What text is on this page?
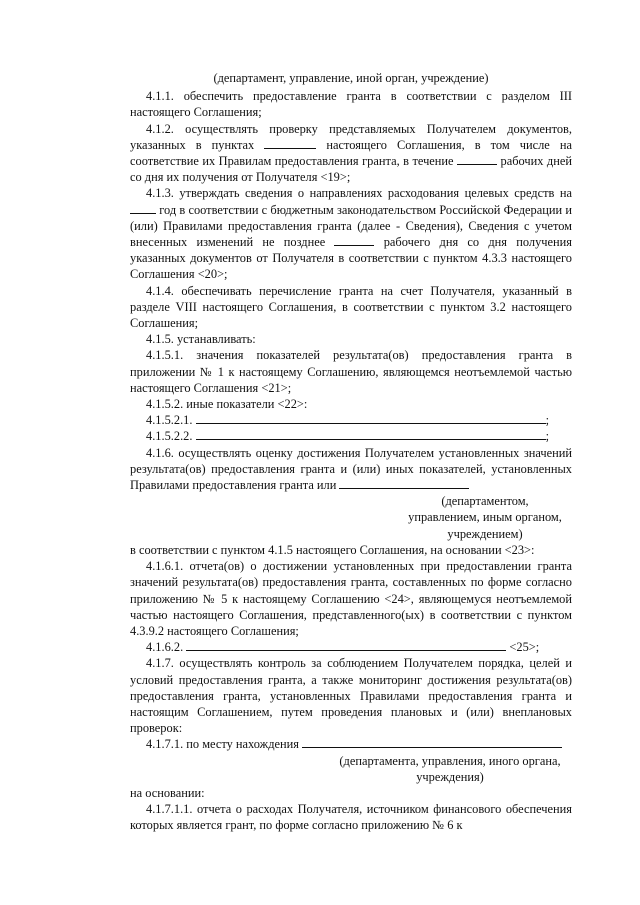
(департамент, управление, иной орган, учреждение)

4.1.1. обеспечить предоставление гранта в соответствии с разделом III настоящего Соглашения;

4.1.2. осуществлять проверку представляемых Получателем документов, указанных в пунктах	настоящего Соглашения, в том числе на соответствие их Правилам предоставления гранта, в течение	рабочих дней со дня их получения от Получателя <19>;

4.1.3. утверждать сведения о направлениях расходования целевых средств на  год в соответствии с бюджетным законодательством Российской Федерации и (или) Правилами предоставления гранта (далее - Сведения), Сведения с учетом внесенных изменений не позднее	рабочего дня со дня получения указанных документов от Получателя в соответствии с пунктом 4.3.3 настоящего Соглашения <20>;

4.1.4. обеспечивать перечисление гранта на счет Получателя, указанный в разделе VIII настоящего Соглашения, в соответствии с пунктом 3.2 настоящего Соглашения;

4.1.5. устанавливать:

4.1.5.1. значения показателей результата(ов) предоставления гранта в приложении № 1 к настоящему Соглашению, являющемся неотъемлемой частью настоящего Соглашения <21>;

4.1.5.2. иные показатели <22>:

4.1.5.2.1.	;

4.1.5.2.2.	;

4.1.6. осуществлять оценку достижения Получателем установленных значений результата(ов) предоставления гранта и (или) иных показателей, установленных Правилами предоставления гранта или

(департаментом,
управлением, иным органом,
учреждением)

в соответствии с пунктом 4.1.5 настоящего Соглашения, на основании <23>:

4.1.6.1. отчета(ов) о достижении установленных при предоставлении гранта значений результата(ов) предоставления гранта, составленных по форме согласно приложению № 5 к настоящему Соглашению <24>, являющемуся неотъемлемой частью настоящего Соглашения, представленного(ых) в соответствии с пунктом 4.3.9.2 настоящего Соглашения;

4.1.6.2.	<25>;

4.1.7. осуществлять контроль за соблюдением Получателем порядка, целей и условий предоставления гранта, а также мониторинг достижения результата(ов) предоставления гранта, установленных Правилами предоставления гранта и настоящим Соглашением, путем проведения плановых и (или) внеплановых проверок:

4.1.7.1. по месту нахождения

(департамента, управления, иного органа,
учреждения)

на основании:

4.1.7.1.1. отчета о расходах Получателя, источником финансового обеспечения которых является грант, по форме согласно приложению № 6 к
